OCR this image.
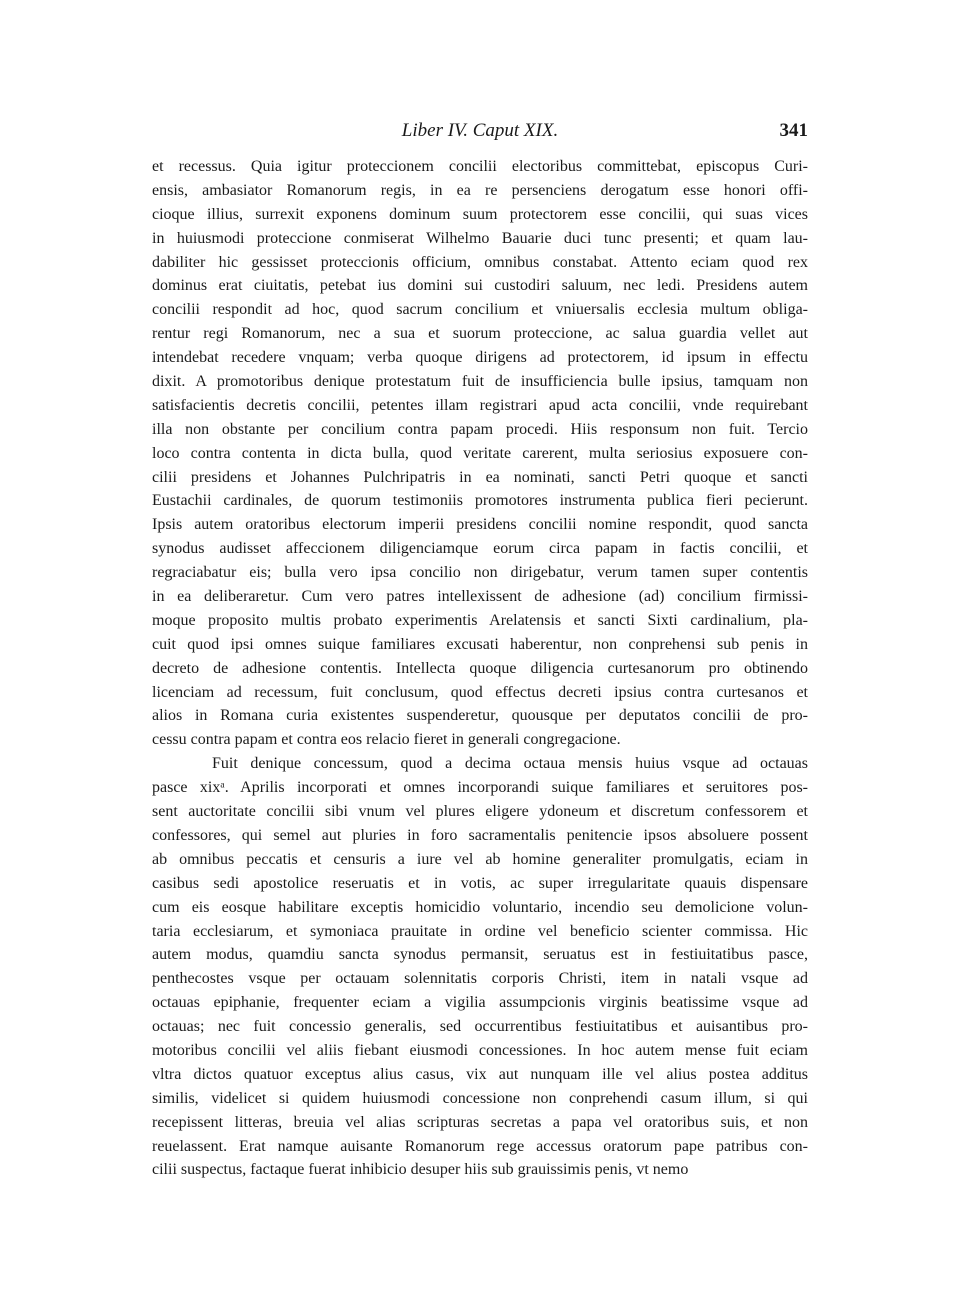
Liber IV. Caput XIX.	341
et recessus. Quia igitur proteccionem concilii electoribus committebat, episcopus Curi-
ensis, ambasiator Romanorum regis, in ea re persenciens derogatum esse honori offi-
cioque illius, surrexit exponens dominum suum protectorem esse concilii, qui suas vices
in huiusmodi proteccione conmiserat Wilhelmo Bauarie duci tunc presenti; et quam lau-
dabiliter hic gessisset proteccionis officium, omnibus constabat. Attento eciam quod rex
dominus erat ciuitatis, petebat ius domini sui custodiri saluum, nec ledi. Presidens autem
concilii respondit ad hoc, quod sacrum concilium et vniuersalis ecclesia multum obliga-
rentur regi Romanorum, nec a sua et suorum proteccione, ac salua guardia vellet aut
intendebat recedere vnquam; verba quoque dirigens ad protectorem, id ipsum in effectu
dixit. A promotoribus denique protestatum fuit de insufficiencia bulle ipsius, tamquam non
satisfacientis decretis concilii, petentes illam registrari apud acta concilii, vnde requirebant
illa non obstante per concilium contra papam procedi. Hiis responsum non fuit. Tercio
loco contra contenta in dicta bulla, quod veritate carerent, multa seriosius exposuere con-
cilii presidens et Johannes Pulchripatris in ea nominati, sancti Petri quoque et sancti
Eustachii cardinales, de quorum testimoniis promotores instrumenta publica fieri pecierunt.
Ipsis autem oratoribus electorum imperii presidens concilii nomine respondit, quod sancta
synodus audisset affeccionem diligenciamque eorum circa papam in factis concilii, et
regraciabatur eis; bulla vero ipsa concilio non dirigebatur, verum tamen super contentis
in ea deliberaretur. Cum vero patres intellexissent de adhesione (ad) concilium firmissi-
moque proposito multis probato experimentis Arelatensis et sancti Sixti cardinalium, pla-
cuit quod ipsi omnes suique familiares excusati haberentur, non conprehensi sub penis in
decreto de adhesione contentis. Intellecta quoque diligencia curtesanorum pro obtinendo
licenciam ad recessum, fuit conclusum, quod effectus decreti ipsius contra curtesanos et
alios in Romana curia existentes suspenderetur, quousque per deputatos concilii de pro-
cessu contra papam et contra eos relacio fieret in generali congregacione.
Fuit denique concessum, quod a decima octaua mensis huius vsque ad octauas
pasce xixᵃ. Aprilis incorporati et omnes incorporandi suique familiares et seruitores pos-
sent auctoritate concilii sibi vnum vel plures eligere ydoneum et discretum confessorem et
confessores, qui semel aut pluries in foro sacramentalis penitencie ipsos absoluere possent
ab omnibus peccatis et censuris a iure vel ab homine generaliter promulgatis, eciam in
casibus sedi apostolice reseruatis et in votis, ac super irregularitate quauis dispensare
cum eis eosque habilitare exceptis homicidio voluntario, incendio seu demolicione volun-
taria ecclesiarum, et symoniaca prauitate in ordine vel beneficio scienter commissa. Hic
autem modus, quamdiu sancta synodus permansit, seruatus est in festiuitatibus pasce,
penthecostes vsque per octauam solennitatis corporis Christi, item in natali vsque ad
octauas epiphanie, frequenter eciam a vigilia assumpcionis virginis beatissime vsque ad
octauas; nec fuit concessio generalis, sed occurrentibus festiuitatibus et auisantibus pro-
motoribus concilii vel aliis fiebant eiusmodi concessiones. In hoc autem mense fuit eciam
vltra dictos quatuor exceptus alius casus, vix aut nunquam ille vel alius postea additus
similis, videlicet si quidem huiusmodi concessione non conprehendi casum illum, si qui
recepissent litteras, breuia vel alias scripturas secretas a papa vel oratoribus suis, et non
reuelassent. Erat namque auisante Romanorum rege accessus oratorum pape patribus con-
cilii suspectus, factaque fuerat inhibicio desuper hiis sub grauissimis penis, vt nemo
